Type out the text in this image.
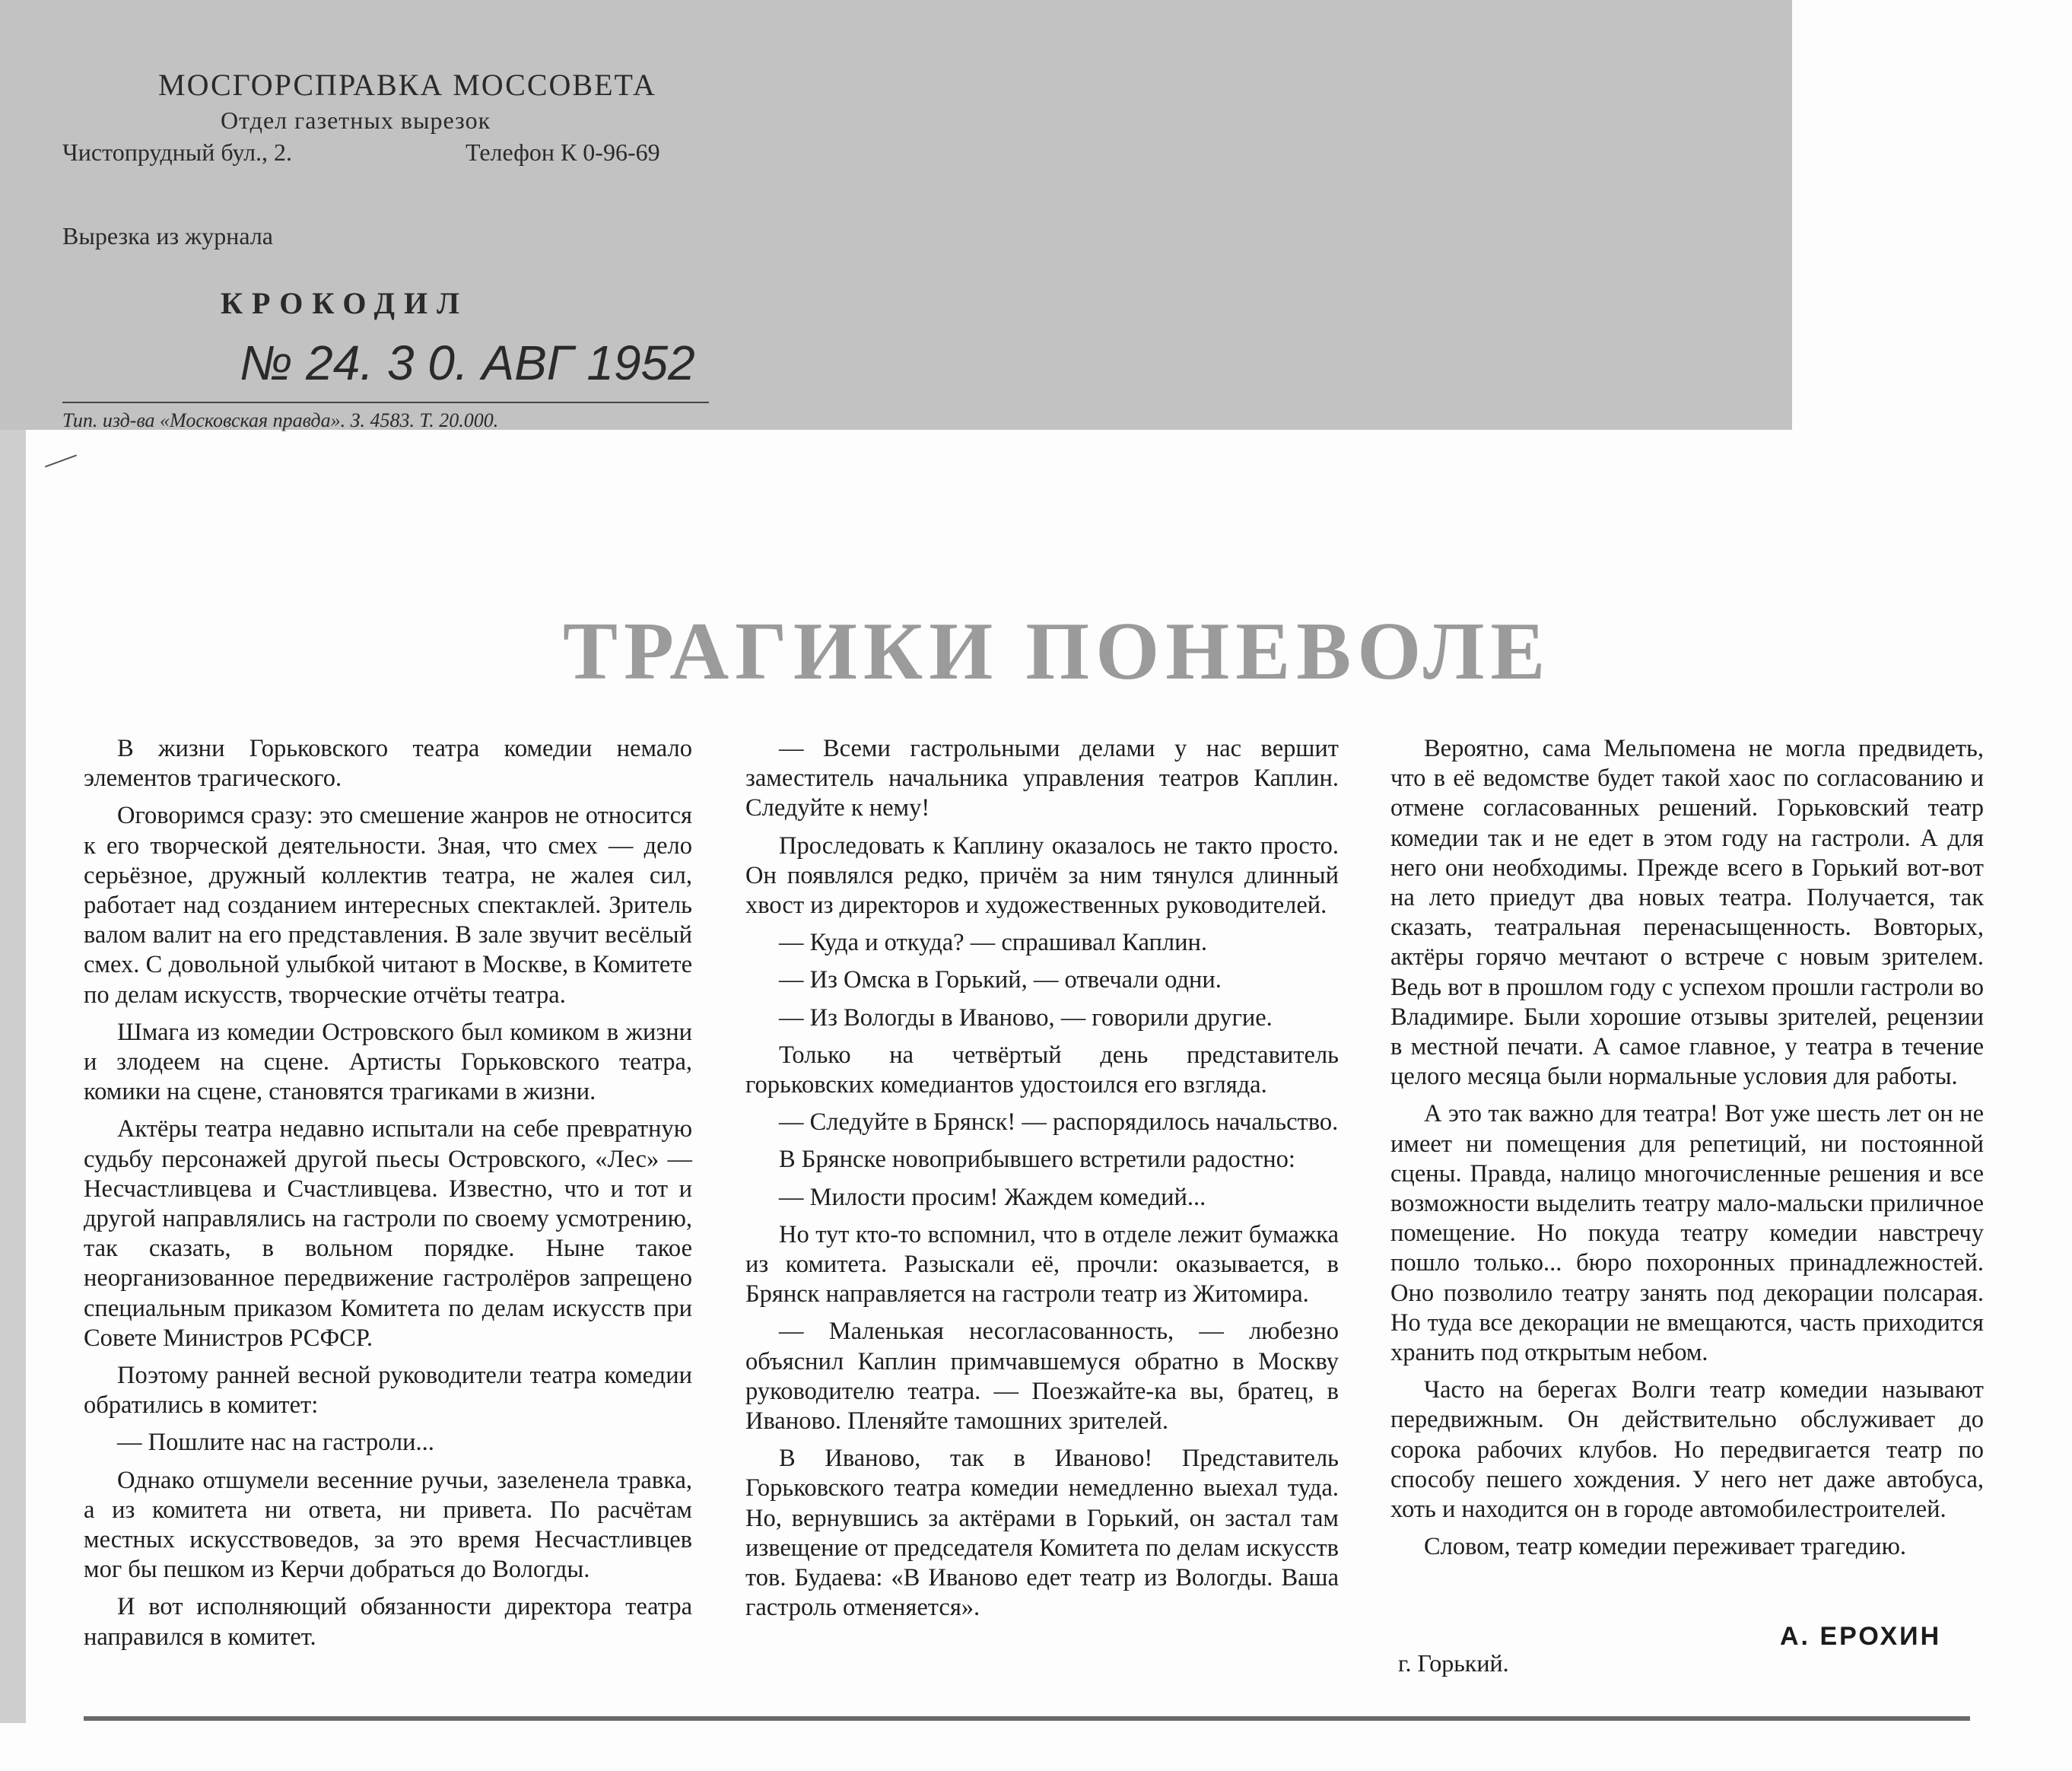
МОСГОРСПРАВКА МОССОВЕТА
Отдел газетных вырезок
Чистопрудный бул., 2.	Телефон К 0-96-69
Вырезка из журнала
КРОКОДИЛ
№ 24. 3 0. АВГ 1952
Тип. изд-ва «Московская правда». З. 4583. Т. 20.000.
ТРАГИКИ ПОНЕВОЛЕ

В жизни Горьковского театра комедии немало элементов трагического.

Оговоримся сразу: это смешение жанров не относится к его творческой деятельности. Зная, что смех — дело серьёзное, дружный коллектив театра, не жалея сил, работает над созданием интересных спектаклей. Зритель валом валит на его представления. В зале звучит весёлый смех. С довольной улыбкой читают в Москве, в Комитете по делам искусств, творческие отчёты театра.

Шмага из комедии Островского был комиком в жизни и злодеем на сцене. Артисты Горьковского театра, комики на сцене, становятся трагиками в жизни.

Актёры театра недавно испытали на себе превратную судьбу персонажей другой пьесы Островского, «Лес» — Несчастливцева и Счастливцева. Известно, что и тот и другой направлялись на гастроли по своему усмотрению, так сказать, в вольном порядке. Ныне такое неорганизованное передвижение гастролёров запрещено специальным приказом Комитета по делам искусств при Совете Министров РСФСР.

Поэтому ранней весной руководители театра комедии обратились в комитет:

— Пошлите нас на гастроли...

Однако отшумели весенние ручьи, зазеленела травка, а из комитета ни ответа, ни привета. По расчётам местных искусствоведов, за это время Несчастливцев мог бы пешком из Керчи добраться до Вологды.

И вот исполняющий обязанности директора театра направился в комитет.

— Всеми гастрольными делами у нас вершит заместитель начальника управления театров Каплин. Следуйте к нему!

Проследовать к Каплину оказалось не такто просто. Он появлялся редко, причём за ним тянулся длинный хвост из директоров и художественных руководителей.

— Куда и откуда? — спрашивал Каплин.

— Из Омска в Горький, — отвечали одни.

— Из Вологды в Иваново, — говорили другие.

Только на четвёртый день представитель горьковских комедиантов удостоился его взгляда.

— Следуйте в Брянск! — распорядилось начальство.

В Брянске новоприбывшего встретили радостно:

— Милости просим! Жаждем комедий...

Но тут кто-то вспомнил, что в отделе лежит бумажка из комитета. Разыскали её, прочли: оказывается, в Брянск направляется на гастроли театр из Житомира.

— Маленькая несогласованность, — любезно объяснил Каплин примчавшемуся обратно в Москву руководителю театра. — Поезжайте-ка вы, братец, в Иваново. Пленяйте тамошних зрителей.

В Иваново, так в Иваново! Представитель Горьковского театра комедии немедленно выехал туда. Но, вернувшись за актёрами в Горький, он застал там извещение от председателя Комитета по делам искусств тов. Будаева: «В Иваново едет театр из Вологды. Ваша гастроль отменяется».

Вероятно, сама Мельпомена не могла предвидеть, что в её ведомстве будет такой хаос по согласованию и отмене согласованных решений. Горьковский театр комедии так и не едет в этом году на гастроли. А для него они необходимы. Прежде всего в Горький вот-вот на лето приедут два новых театра. Получается, так сказать, театральная перенасыщенность. Вовторых, актёры горячо мечтают о встрече с новым зрителем. Ведь вот в прошлом году с успехом прошли гастроли во Владимире. Были хорошие отзывы зрителей, рецензии в местной печати. А самое главное, у театра в течение целого месяца были нормальные условия для работы.

А это так важно для театра! Вот уже шесть лет он не имеет ни помещения для репетиций, ни постоянной сцены. Правда, налицо многочисленные решения и все возможности выделить театру мало-мальски приличное помещение. Но покуда театру комедии навстречу пошло только... бюро похоронных принадлежностей. Оно позволило театру занять под декорации полсарая. Но туда все декорации не вмещаются, часть приходится хранить под открытым небом.

Часто на берегах Волги театр комедии называют передвижным. Он действительно обслуживает до сорока рабочих клубов. Но передвигается театр по способу пешего хождения. У него нет даже автобуса, хоть и находится он в городе автомобилестроителей.

Словом, театр комедии переживает трагедию.

А. ЕРОХИН
г. Горький.
